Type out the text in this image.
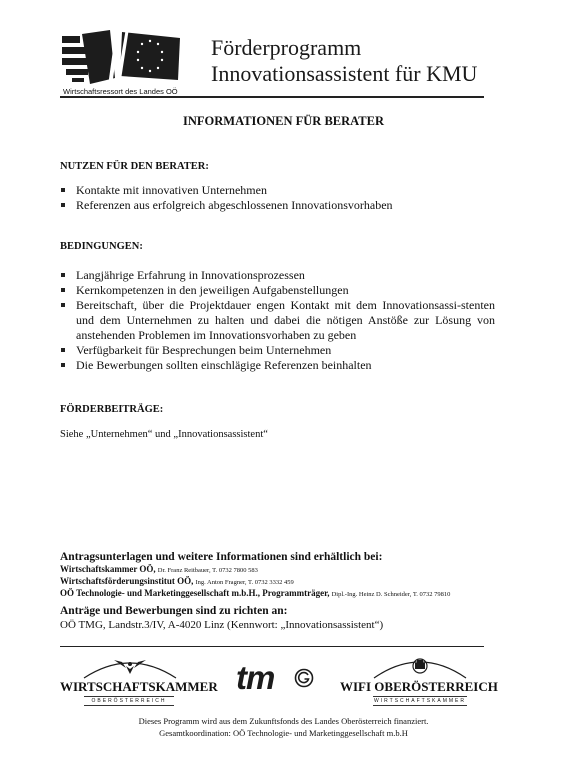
Wirtschaftsressort des Landes OÖ
Förderprogramm
Innovationsassistent für KMU
INFORMATIONEN FÜR BERATER
NUTZEN FÜR DEN BERATER:
Kontakte mit innovativen Unternehmen
Referenzen aus erfolgreich abgeschlossenen Innovationsvorhaben
BEDINGUNGEN:
Langjährige Erfahrung in Innovationsprozessen
Kernkompetenzen in den jeweiligen Aufgabenstellungen
Bereitschaft, über die Projektdauer engen Kontakt mit dem Innovationsassi-stenten und dem Unternehmen zu halten und dabei die nötigen Anstöße zur Lösung von anstehenden Problemen im Innovationsvorhaben zu geben
Verfügbarkeit für Besprechungen beim Unternehmen
Die Bewerbungen sollten einschlägige Referenzen beinhalten
FÖRDERBEITRÄGE:
Siehe „Unternehmen“ und „Innovationsassistent“
Antragsunterlagen und weitere Informationen sind erhältlich bei:
Wirtschaftskammer OÖ, Dr. Franz Reitbauer, T. 0732 7800 583
Wirtschaftsförderungsinstitut OÖ, Ing. Anton Fragner, T. 0732 3332 459
OÖ Technologie- und Marketinggesellschaft m.b.H., Programmträger, Dipl.-Ing. Heinz D. Schneider, T. 0732 79810
Anträge und Bewerbungen sind zu richten an:
OÖ TMG, Landstr.3/IV, A-4020 Linz (Kennwort: „Innovationsassistent“)
WIRTSCHAFTSKAMMER
OBERÖSTERREICH
tm	WIFI OBERÖSTERREICH
WIRTSCHAFTSKAMMER
Dieses Programm wird aus dem Zukunftsfonds des Landes Oberösterreich finanziert.
Gesamtkoordination: OÖ Technologie- und Marketinggesellschaft m.b.H
